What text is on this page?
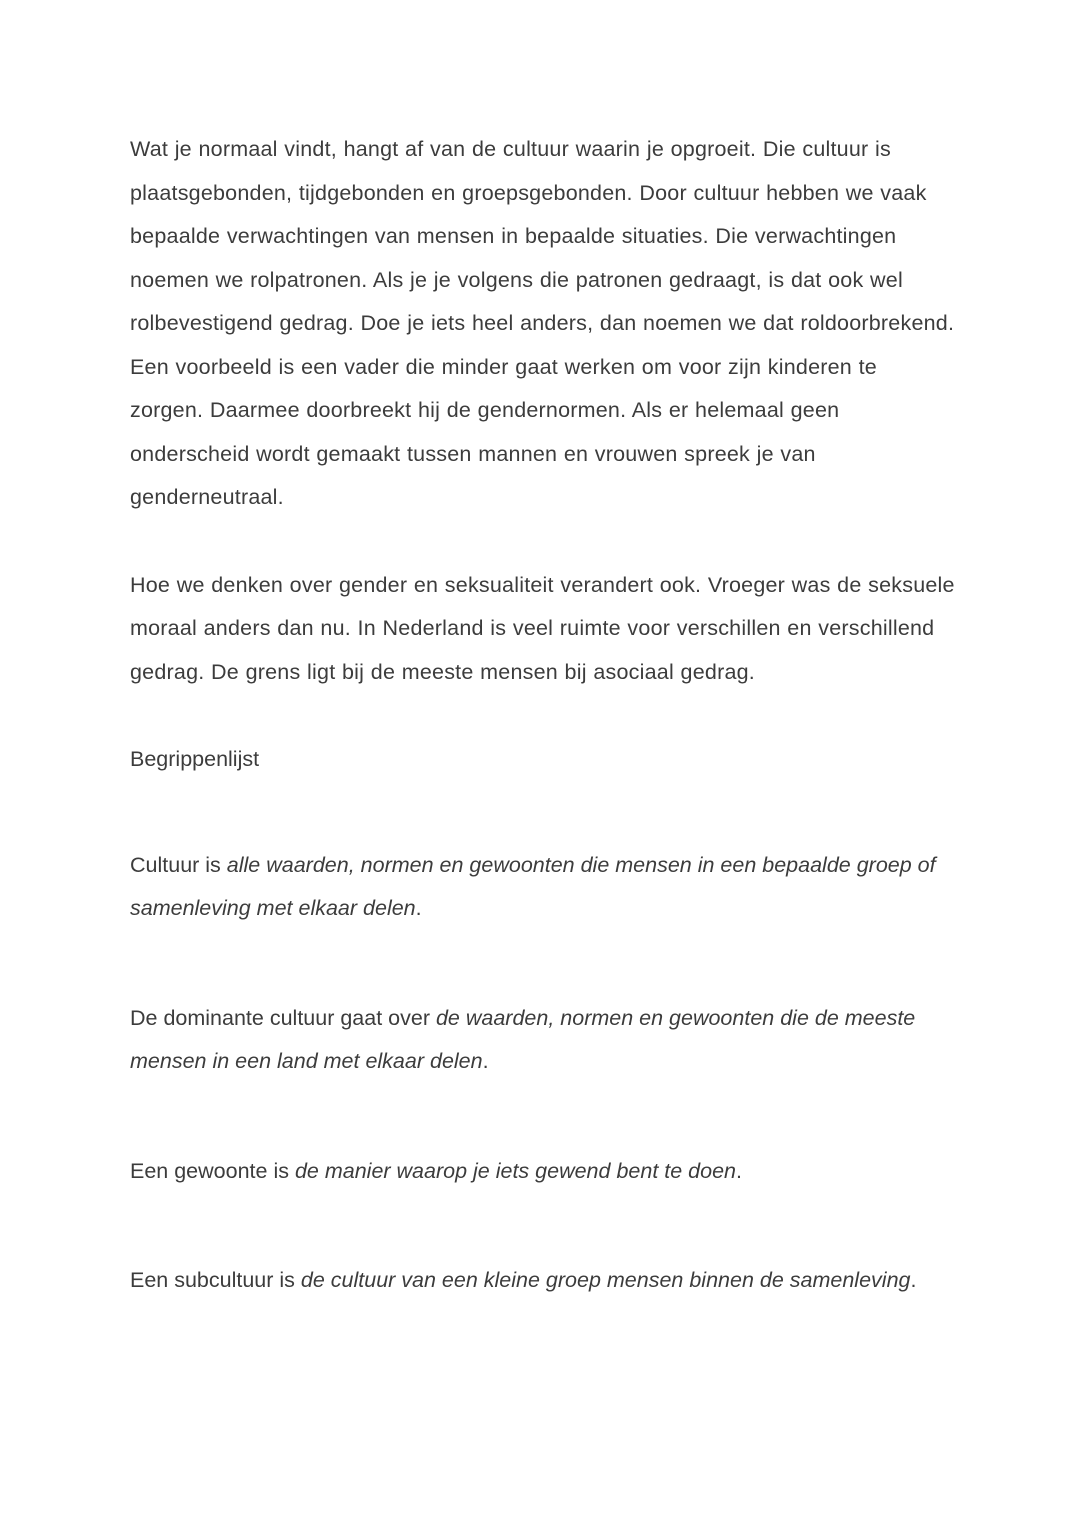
Wat je normaal vindt, hangt af van de cultuur waarin je opgroeit. Die cultuur is plaatsgebonden, tijdgebonden en groepsgebonden. Door cultuur hebben we vaak bepaalde verwachtingen van mensen in bepaalde situaties. Die verwachtingen noemen we rolpatronen. Als je je volgens die patronen gedraagt, is dat ook wel rolbevestigend gedrag. Doe je iets heel anders, dan noemen we dat roldoorbrekend. Een voorbeeld is een vader die minder gaat werken om voor zijn kinderen te zorgen. Daarmee doorbreekt hij de gendernormen. Als er helemaal geen onderscheid wordt gemaakt tussen mannen en vrouwen spreek je van genderneutraal.

Hoe we denken over gender en seksualiteit verandert ook. Vroeger was de seksuele moraal anders dan nu. In Nederland is veel ruimte voor verschillen en verschillend gedrag. De grens ligt bij de meeste mensen bij asociaal gedrag.

Begrippenlijst

Cultuur is alle waarden, normen en gewoonten die mensen in een bepaalde groep of samenleving met elkaar delen.

De dominante cultuur gaat over de waarden, normen en gewoonten die de meeste mensen in een land met elkaar delen.

Een gewoonte is de manier waarop je iets gewend bent te doen.

Een subcultuur is de cultuur van een kleine groep mensen binnen de samenleving.
